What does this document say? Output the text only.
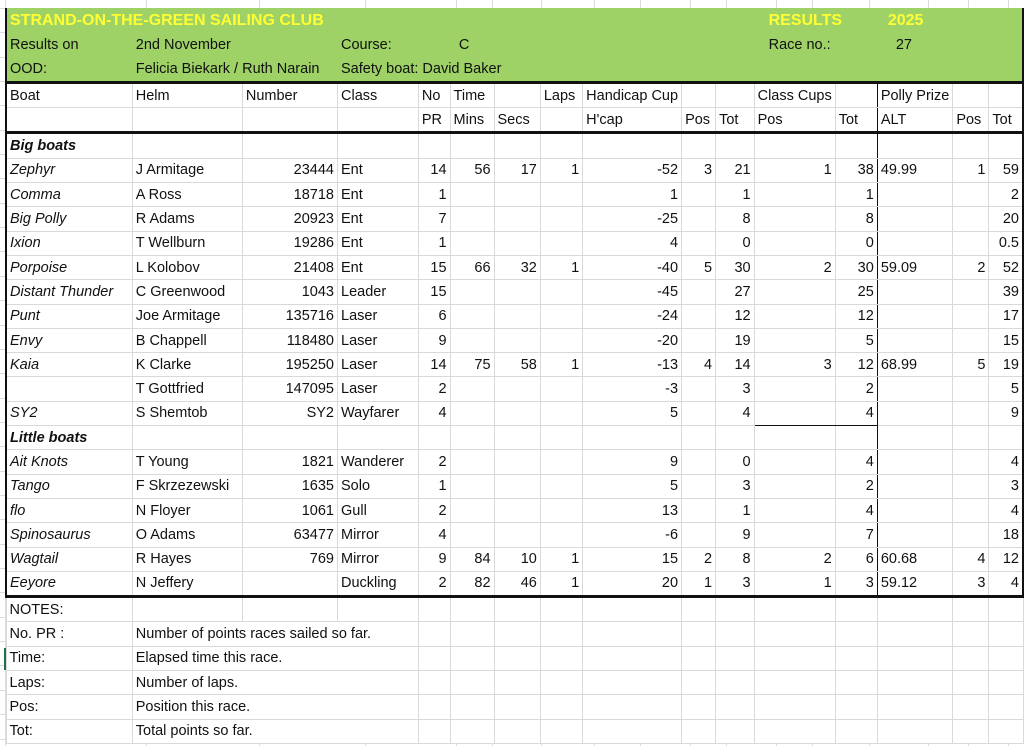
STRAND-ON-THE-GREEN SAILING CLUB											RESULTS		2025		
Results on	2nd November		Course:	C							Race no.:		27		
OOD:	Felicia Biekark / Ruth Narain		Safety boat: David Baker												
Boat	Helm	Number	Class	No	Time		Laps	Handicap Cup			Class Cups		Polly Prize		
				PR	Mins	Secs		H'cap	Pos	Tot	Pos	Tot	ALT	Pos	Tot
Big boats															
Zephyr	J Armitage	23444	Ent	14	56	17	1	-52	3	21	1	38	49.99	1	59
Comma	A Ross	18718	Ent	1				1		1		1			2
Big Polly	R Adams	20923	Ent	7				-25		8		8			20
Ixion	T Wellburn	19286	Ent	1				4		0		0			0.5
Porpoise	L Kolobov	21408	Ent	15	66	32	1	-40	5	30	2	30	59.09	2	52
Distant Thunder	C Greenwood	1043	Leader	15				-45		27		25			39
Punt	Joe Armitage	135716	Laser	6				-24		12		12			17
Envy	B Chappell	118480	Laser	9				-20		19		5			15
Kaia	K Clarke	195250	Laser	14	75	58	1	-13	4	14	3	12	68.99	5	19
	T Gottfried	147095	Laser	2				-3		3		2			5
SY2	S Shemtob	SY2	Wayfarer	4				5		4		4			9
Little boats															
Ait Knots	T Young	1821	Wanderer	2				9		0		4			4
Tango	F Skrzezewski	1635	Solo	1				5		3		2			3
flo	N Floyer	1061	Gull	2				13		1		4			4
Spinosaurus	O Adams	63477	Mirror	4				-6		9		7			18
Wagtail	R Hayes	769	Mirror	9	84	10	1	15	2	8	2	6	60.68	4	12
Eeyore	N Jeffery		Duckling	2	82	46	1	20	1	3	1	3	59.12	3	4
NOTES:															
No. PR :	Number of points races sailed so far.														
Time:	Elapsed time this race.														
Laps:	Number of laps.														
Pos:	Position this race.														
Tot:	Total points so far.														
